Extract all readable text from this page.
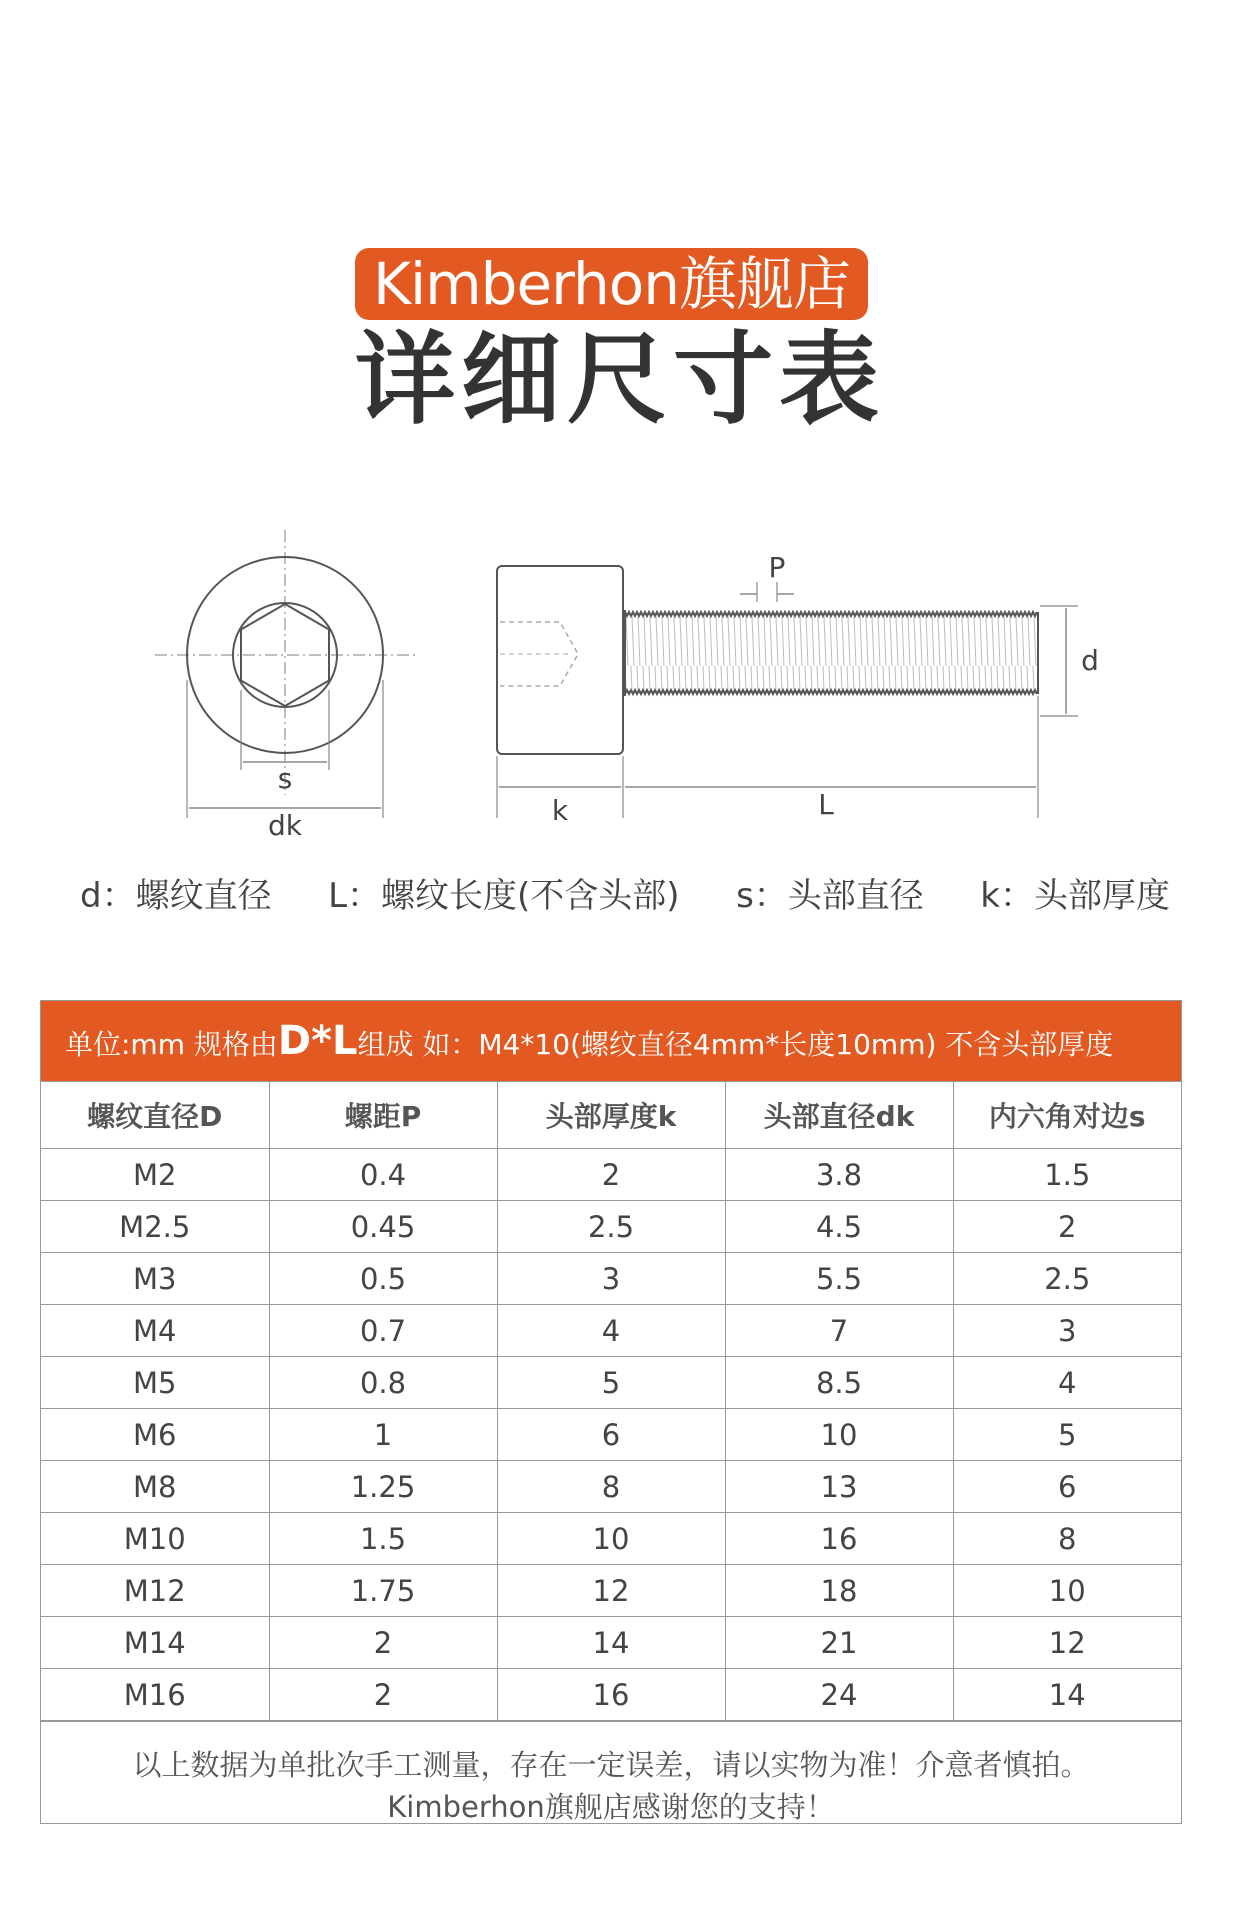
Kimberhon旗舰店
详细尺寸表
s
dk
P
d
k	L
d：螺纹直径 L：螺纹长度(不含头部) s：头部直径 k：头部厚度
单位:mm 规格由D*L组成 如：M4*10(螺纹直径4mm*长度10mm) 不含头部厚度
螺纹直径D	螺距P	头部厚度k	头部直径dk	内六角对边s
M2	0.4	2	3.8	1.5
M2.5	0.45	2.5	4.5	2
M3	0.5	3	5.5	2.5
M4	0.7	4	7	3
M5	0.8	5	8.5	4
M6	1	6	10	5
M8	1.25	8	13	6
M10	1.5	10	16	8
M12	1.75	12	18	10
M14	2	14	21	12
M16	2	16	24	14
以上数据为单批次手工测量，存在一定误差，请以实物为准！介意者慎拍。
Kimberhon旗舰店感谢您的支持！
